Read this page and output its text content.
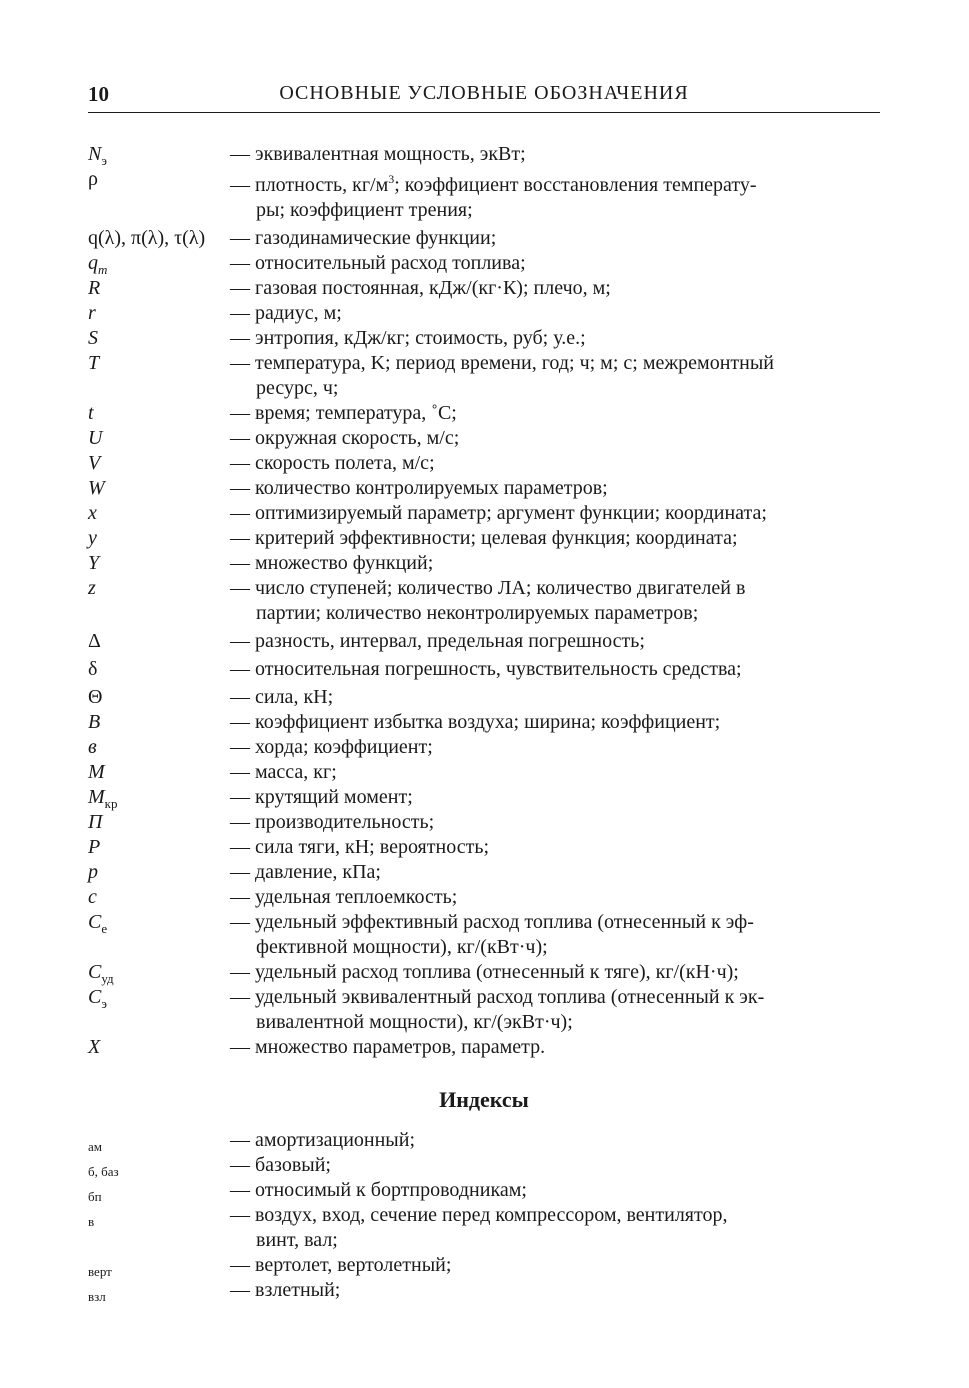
10	ОСНОВНЫЕ УСЛОВНЫЕ ОБОЗНАЧЕНИЯ
$N_э$	— эквивалентная мощность, экВт;
ρ	— плотность, $кг/м^3$; коэффициент восстановления температу-
ры; коэффициент трения;
q(λ), π(λ), τ(λ) — газодинамические функции;
$q_m$	— относительный расход топлива;
R	— газовая постоянная, кДж/(кг·К); плечо, м;
r	— радиус, м;
S	— энтропия, кДж/кг; стоимость, руб; у.е.;
T	— температура, K; период времени, год; ч; м; с; межремонтный
ресурс, ч;
t	— время; температура, ˚С;
U	— окружная скорость, м/с;
V	— скорость полета, м/с;
W	— количество контролируемых параметров;
x	— оптимизируемый параметр; аргумент функции; координата;
y	— критерий эффективности; целевая функция; координата;
Y	— множество функций;
z	— число ступеней; количество ЛА; количество двигателей в
партии; количество неконтролируемых параметров;
Δ	— разность, интервал, предельная погрешность;
δ	— относительная погрешность, чувствительность средства;
Θ	— сила, кН;
B	— коэффициент избытка воздуха; ширина; коэффициент;
в	— хорда; коэффициент;
M	— масса, кг;
$M_{кр}$	— крутящий момент;
П	— производительность;
P	— сила тяги, кН; вероятность;
p	— давление, кПа;
c	— удельная теплоемкость;
$C_e$	— удельный эффективный расход топлива (отнесенный к эф-
фективной мощности), кг/(кВт·ч);
$C_{уд}$	— удельный расход топлива (отнесенный к тяге), кг/(кН·ч);
$C_э$	— удельный эквивалентный расход топлива (отнесенный к эк-
вивалентной мощности), кг/(экВт·ч);
X	— множество параметров, параметр.
Индексы
ам	— амортизационный;
б, баз	— базовый;
бп	— относимый к бортпроводникам;
в	— воздух, вход, сечение перед компрессором, вентилятор,
винт, вал;
верт	— вертолет, вертолетный;
взл	— взлетный;
